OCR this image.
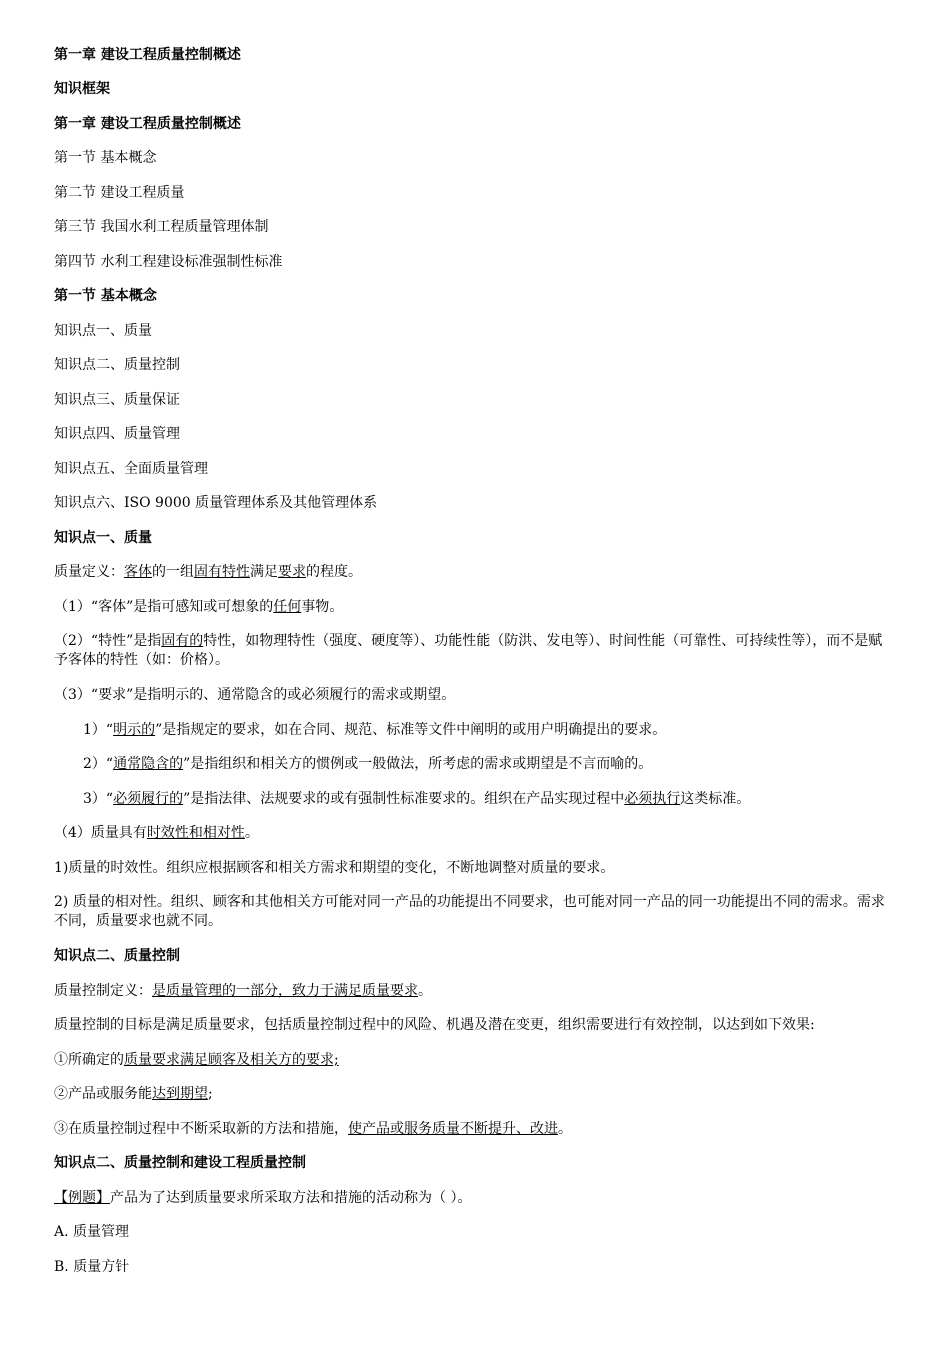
第一章 建设工程质量控制概述
知识框架
第一章 建设工程质量控制概述
第一节 基本概念
第二节 建设工程质量
第三节 我国水利工程质量管理体制
第四节 水利工程建设标准强制性标准
第一节 基本概念
知识点一、质量
知识点二、质量控制
知识点三、质量保证
知识点四、质量管理
知识点五、全面质量管理
知识点六、ISO 9000 质量管理体系及其他管理体系
知识点一、质量
质量定义：客体的一组固有特性满足要求的程度。
（1）“客体”是指可感知或可想象的任何事物。
（2）“特性”是指固有的特性，如物理特性（强度、硬度等）、功能性能（防洪、发电等）、时间性能（可靠性、可持续性等），而不是赋予客体的特性（如：价格）。
（3）“要求”是指明示的、通常隐含的或必须履行的需求或期望。
1）“明示的”是指规定的要求，如在合同、规范、标准等文件中阐明的或用户明确提出的要求。
2）“通常隐含的”是指组织和相关方的惯例或一般做法，所考虑的需求或期望是不言而喻的。
3）“必须履行的”是指法律、法规要求的或有强制性标准要求的。组织在产品实现过程中必须执行这类标准。
（4）质量具有时效性和相对性。
1)质量的时效性。组织应根据顾客和相关方需求和期望的变化，不断地调整对质量的要求。
2) 质量的相对性。组织、顾客和其他相关方可能对同一产品的功能提出不同要求，也可能对同一产品的同一功能提出不同的需求。需求不同，质量要求也就不同。
知识点二、质量控制
质量控制定义：是质量管理的一部分，致力于满足质量要求。
质量控制的目标是满足质量要求，包括质量控制过程中的风险、机遇及潜在变更，组织需要进行有效控制，以达到如下效果:
①所确定的质量要求满足顾客及相关方的要求;
②产品或服务能达到期望;
③在质量控制过程中不断采取新的方法和措施，使产品或服务质量不断提升、改进。
知识点二、质量控制和建设工程质量控制
【例题】产品为了达到质量要求所采取方法和措施的活动称为（ ）。
A. 质量管理
B. 质量方针
